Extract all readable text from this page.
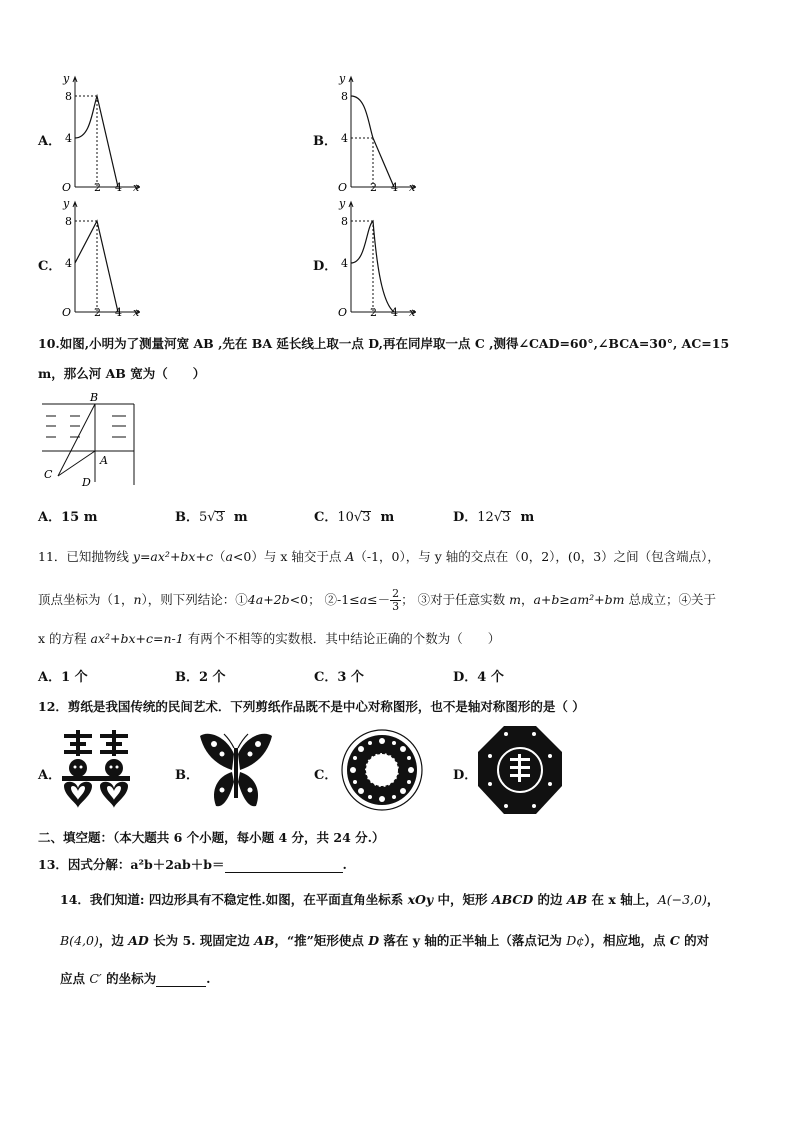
A．
y
8
4
O 2 4 x
B．
y
8
4
O 2 4 x
C．
y
8
4
O 2 4 x
D．
y
8
4
O 2 4 x
10.如图,小明为了测量河宽 AB ,先在 BA 延长线上取一点 D,再在同岸取一点 C ,测得∠CAD=60°,∠BCA=30°, AC=15
m，那么河 AB 宽为（　　）
B
A
C
D
A．15 m	B．5√3 m	C．10√3 m	D．12√3 m
11．已知抛物线 y=ax²+bx+c（a<0）与 x 轴交于点 A（-1，0），与 y 轴的交点在（0，2），(0，3）之间（包含端点），
顶点坐标为（1，n），则下列结论：①4a+2b<0； ②-1≤a≤－ $\frac{2}{3}$ ； ③对于任意实数 m，a+b≥am²+bm 总成立；④关于
x 的方程 ax²+bx+c=n-1 有两个不相等的实数根．其中结论正确的个数为（　　）
A．1 个	B．2 个	C．3 个	D．4 个
12．剪纸是我国传统的民间艺术．下列剪纸作品既不是中心对称图形，也不是轴对称图形的是（ ）
A．	B．	C．	D．
二、填空题：（本大题共 6 个小题，每小题 4 分，共 24 分.）
13．因式分解：a²b＋2ab＋b＝	.
14．我们知道: 四边形具有不稳定性.如图，在平面直角坐标系 xOy 中，矩形 ABCD 的边 AB 在 x 轴上，A(−3,0)，
B(4,0)，边 AD 长为 5. 现固定边 AB，“推”矩形使点 D 落在 y 轴的正半轴上（落点记为 D¢），相应地，点 C 的对
应点 C′ 的坐标为	.
